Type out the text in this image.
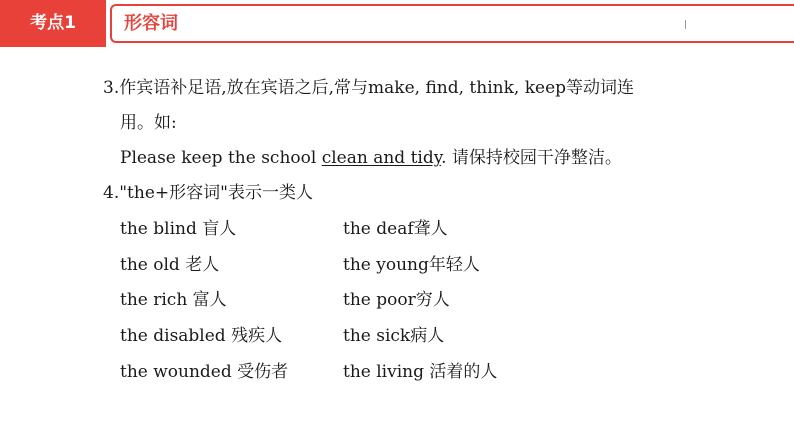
考点1	形容词
3.作宾语补足语,放在宾语之后,常与make, find, think, keep等动词连
用。如:
Please keep the school clean and tidy. 请保持校园干净整洁。
4."the+形容词"表示一类人
the blind 盲人	the deaf聋人
the old 老人	the young年轻人
the rich 富人	the poor穷人
the disabled 残疾人	the sick病人
the wounded 受伤者	the living 活着的人
